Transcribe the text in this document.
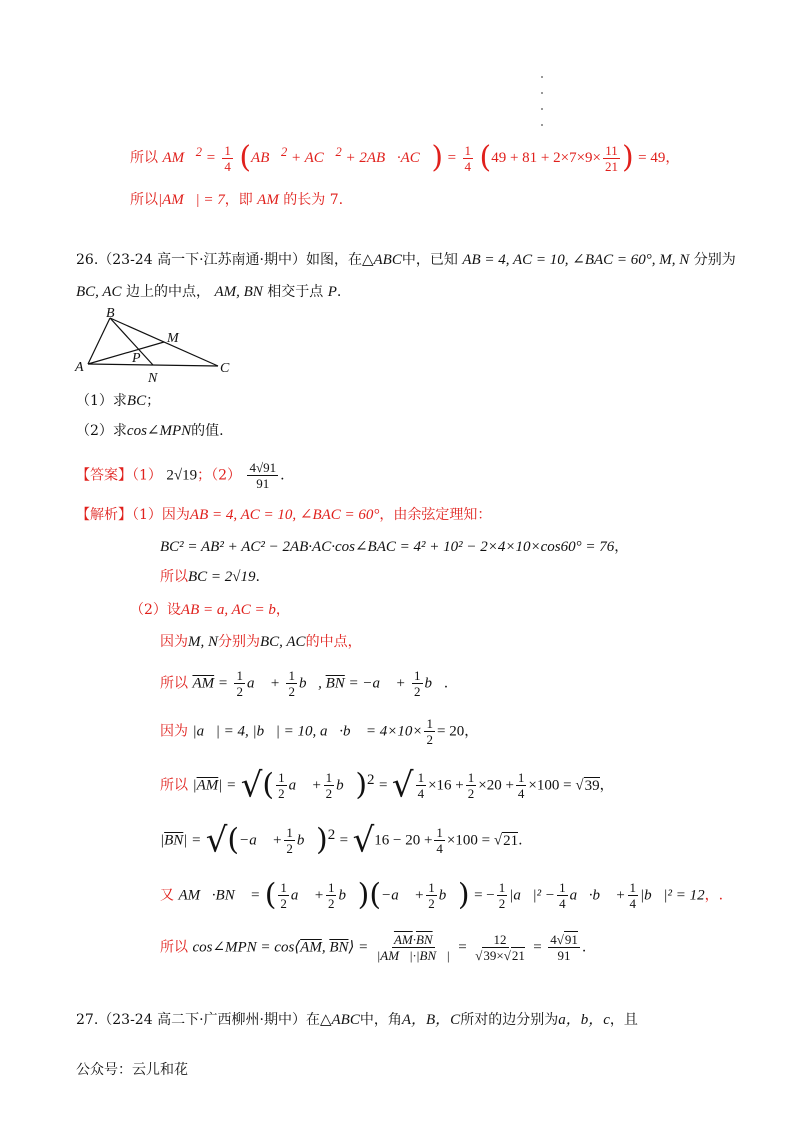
所以 AM⃗$^2$ = $\frac{1}{4}$ (AB⃗$^2$ + AC⃗$^2$ + 2AB⃗·AC⃗) = $\frac{1}{4} (49 + 81 + 2\times 7\times 9\times \frac{11}{21}$ ) = 49，
所以|AM⃗| = 7，即 AM 的长为 7.
26.（23-24 高一下·江苏南通·期中）如图，在△ABC中，已知 AB = 4, AC = 10, ∠BAC = 60°, M, N 分别为
BC, AC 边上的中点， AM, BN 相交于点 P.
B
M
P
A
N
C
（1）求BC；
（2）求cos∠MPN的值.
【答案】（1） 2√19；$(2) \frac{4√91}{91}$ .
【解析】（1）因为AB = 4, AC = 10, ∠BAC = 60°，由余弦定理知：
BC² = AB² + AC² − 2AB·AC·cos∠BAC = 4² + 10² − 2×4×10×cos60° = 76，
所以BC = 2√19.
（2）设AB = a, AC = b，
因为M, N分别为BC, AC的中点，
所以 $\overline{AM} = \frac{1}{2}$ a⃗ + $\frac{1}{2}$ b⃗, $\overline{BN}$ = −a⃗ + $\frac{1}{2}$ b⃗.
因为 |a⃗| = 4, |b⃗| = 10, a⃗·b⃗ = $4\times 10\times \frac{1}{2} = 20$，
所以 $|\overline{AM}|$ = √( $\frac{1}{2}$ a⃗ + $\frac{1}{2}$ b⃗)$^2$ = √ $\frac{1}{4} \times 16 + \frac{1}{2} \times 20 + \frac{1}{4} \times 100 = √39$，
$|\overline{BN}|$ = √(−a⃗ + $\frac{1}{2}$ b⃗)$^2$ = $√16 - 20 + \frac{1}{4} \times 100 = √21$.
又 AM⃗·BN⃗ = ( $\frac{1}{2}$ a⃗ + $\frac{1}{2}$ b⃗)(−a⃗ + $\frac{1}{2}$ b⃗) = − $\frac{1}{2}$ |a⃗|² − $\frac{1}{4}$ a⃗·b⃗ + $\frac{1}{4}$ |b⃗|² = 12，.
所以 cos∠MPN = $\cos⟨\overline{AM}$, $\overline{BN}⟩ = \frac{\overline{AM}\cdot\overline{BN}}{|AM⃗|\cdot|BN⃗|} = \frac{12}{√39\times√21} = \frac{4√91}{91}$ .
27.（23-24 高二下·广西柳州·期中）在△ABC中，角A，B，C所对的边分别为a，b，c，且
公众号：云儿和花
